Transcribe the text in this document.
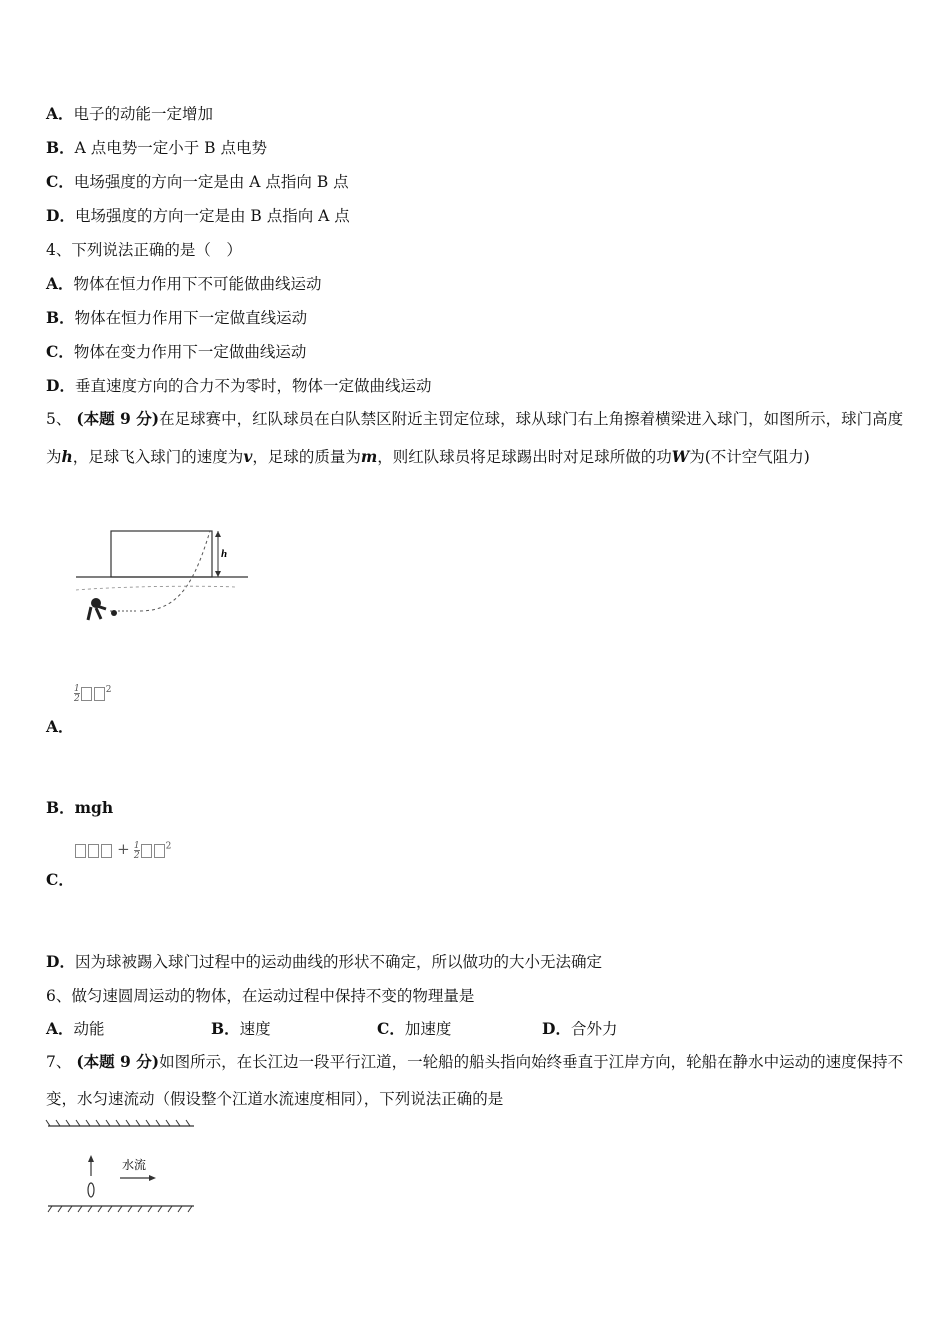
A．电子的动能一定增加
B．A 点电势一定小于 B 点电势
C．电场强度的方向一定是由 A 点指向 B 点
D．电场强度的方向一定是由 B 点指向 A 点
4、下列说法正确的是（　）
A．物体在恒力作用下不可能做曲线运动
B．物体在恒力作用下一定做直线运动
C．物体在变力作用下一定做曲线运动
D．垂直速度方向的合力不为零时，物体一定做曲线运动
5、 (本题 9 分)在足球赛中，红队球员在白队禁区附近主罚定位球，球从球门右上角擦着横梁进入球门，如图所示，球门高度为h，足球飞入球门的速度为v，足球的质量为m，则红队球员将足球踢出时对足球所做的功W为(不计空气阻力)
h
$\frac{1}{2}$	$^2$
A．
B．mgh
+ $\frac{1}{2}$	$^2$
C．
D．因为球被踢入球门过程中的运动曲线的形状不确定，所以做功的大小无法确定
6、做匀速圆周运动的物体，在运动过程中保持不变的物理量是
A．动能	B．速度	C．加速度	D．合外力
7、 (本题 9 分)如图所示，在长江边一段平行江道，一轮船的船头指向始终垂直于江岸方向，轮船在静水中运动的速度保持不变，水匀速流动（假设整个江道水流速度相同），下列说法正确的是
水流
